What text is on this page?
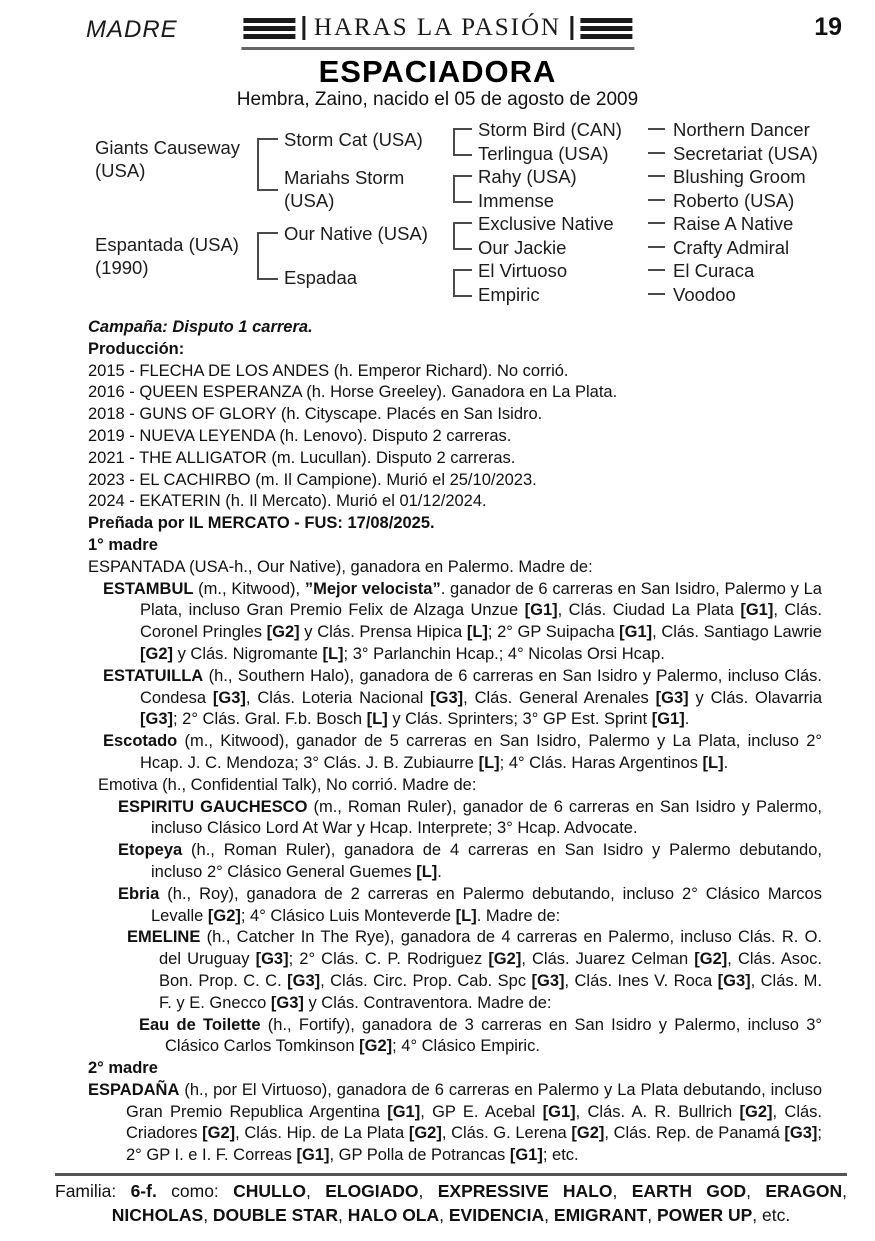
MADRE	HARAS LA PASIÓN	19
ESPACIADORA
Hembra, Zaino, nacido el 05 de agosto de 2009
Giants Causeway
(USA)
Espantada (USA)
(1990)
Storm Cat (USA)
Mariahs Storm
(USA)
Our Native (USA)
Espadaa
Storm Bird (CAN)
Terlingua (USA)
Rahy (USA)
Immense
Exclusive Native
Our Jackie
El Virtuoso
Empiric
Northern Dancer
Secretariat (USA)
Blushing Groom
Roberto (USA)
Raise A Native
Crafty Admiral
El Curaca
Voodoo

Campaña: Disputo 1 carrera.

Producción:

2015 - FLECHA DE LOS ANDES (h. Emperor Richard). No corrió.

2016 - QUEEN ESPERANZA (h. Horse Greeley). Ganadora en La Plata.

2018 - GUNS OF GLORY (h. Cityscape. Placés en San Isidro.

2019 - NUEVA LEYENDA (h. Lenovo). Disputo 2 carreras.

2021 - THE ALLIGATOR (m. Lucullan). Disputo 2 carreras.

2023 - EL CACHIRBO (m. Il Campione). Murió el 25/10/2023.

2024 - EKATERIN (h. Il Mercato). Murió el 01/12/2024.

Preñada por IL MERCATO - FUS: 17/08/2025.

1° madre

ESPANTADA (USA-h., Our Native), ganadora en Palermo. Madre de:

ESTAMBUL (m., Kitwood), ”Mejor velocista”. ganador de 6 carreras en San Isidro, Palermo y La Plata, incluso Gran Premio Felix de Alzaga Unzue [G1], Clás. Ciudad La Plata [G1], Clás. Coronel Pringles [G2] y Clás. Prensa Hipica [L]; 2° GP Suipacha [G1], Clás. Santiago Lawrie [G2] y Clás. Nigromante [L]; 3° Parlanchin Hcap.; 4° Nicolas Orsi Hcap.

ESTATUILLA (h., Southern Halo), ganadora de 6 carreras en San Isidro y Palermo, incluso Clás. Condesa [G3], Clás. Loteria Nacional [G3], Clás. General Arenales [G3] y Clás. Olavarria [G3]; 2° Clás. Gral. F.b. Bosch [L] y Clás. Sprinters; 3° GP Est. Sprint [G1].

Escotado (m., Kitwood), ganador de 5 carreras en San Isidro, Palermo y La Plata, incluso 2° Hcap. J. C. Mendoza; 3° Clás. J. B. Zubiaurre [L]; 4° Clás. Haras Argentinos [L].

Emotiva (h., Confidential Talk), No corrió. Madre de:

ESPIRITU GAUCHESCO (m., Roman Ruler), ganador de 6 carreras en San Isidro y Palermo, incluso Clásico Lord At War y Hcap. Interprete; 3° Hcap. Advocate.

Etopeya (h., Roman Ruler), ganadora de 4 carreras en San Isidro y Palermo debutando, incluso 2° Clásico General Guemes [L].

Ebria (h., Roy), ganadora de 2 carreras en Palermo debutando, incluso 2° Clásico Marcos Levalle [G2]; 4° Clásico Luis Monteverde [L]. Madre de:

EMELINE (h., Catcher In The Rye), ganadora de 4 carreras en Palermo, incluso Clás. R. O. del Uruguay [G3]; 2° Clás. C. P. Rodriguez [G2], Clás. Juarez Celman [G2], Clás. Asoc. Bon. Prop. C. C. [G3], Clás. Circ. Prop. Cab. Spc [G3], Clás. Ines V. Roca [G3], Clás. M. F. y E. Gnecco [G3] y Clás. Contraventora. Madre de:

Eau de Toilette (h., Fortify), ganadora de 3 carreras en San Isidro y Palermo, incluso 3° Clásico Carlos Tomkinson [G2]; 4° Clásico Empiric.

2° madre

ESPADAÑA (h., por El Virtuoso), ganadora de 6 carreras en Palermo y La Plata debutando, incluso Gran Premio Republica Argentina [G1], GP E. Acebal [G1], Clás. A. R. Bullrich [G2], Clás. Criadores [G2], Clás. Hip. de La Plata [G2], Clás. G. Lerena [G2], Clás. Rep. de Panamá [G3]; 2° GP I. e I. F. Correas [G1], GP Polla de Potrancas [G1]; etc.

Familia: 6-f. como: CHULLO, ELOGIADO, EXPRESSIVE HALO, EARTH GOD, ERAGON, NICHOLAS, DOUBLE STAR, HALO OLA, EVIDENCIA, EMIGRANT, POWER UP, etc.
